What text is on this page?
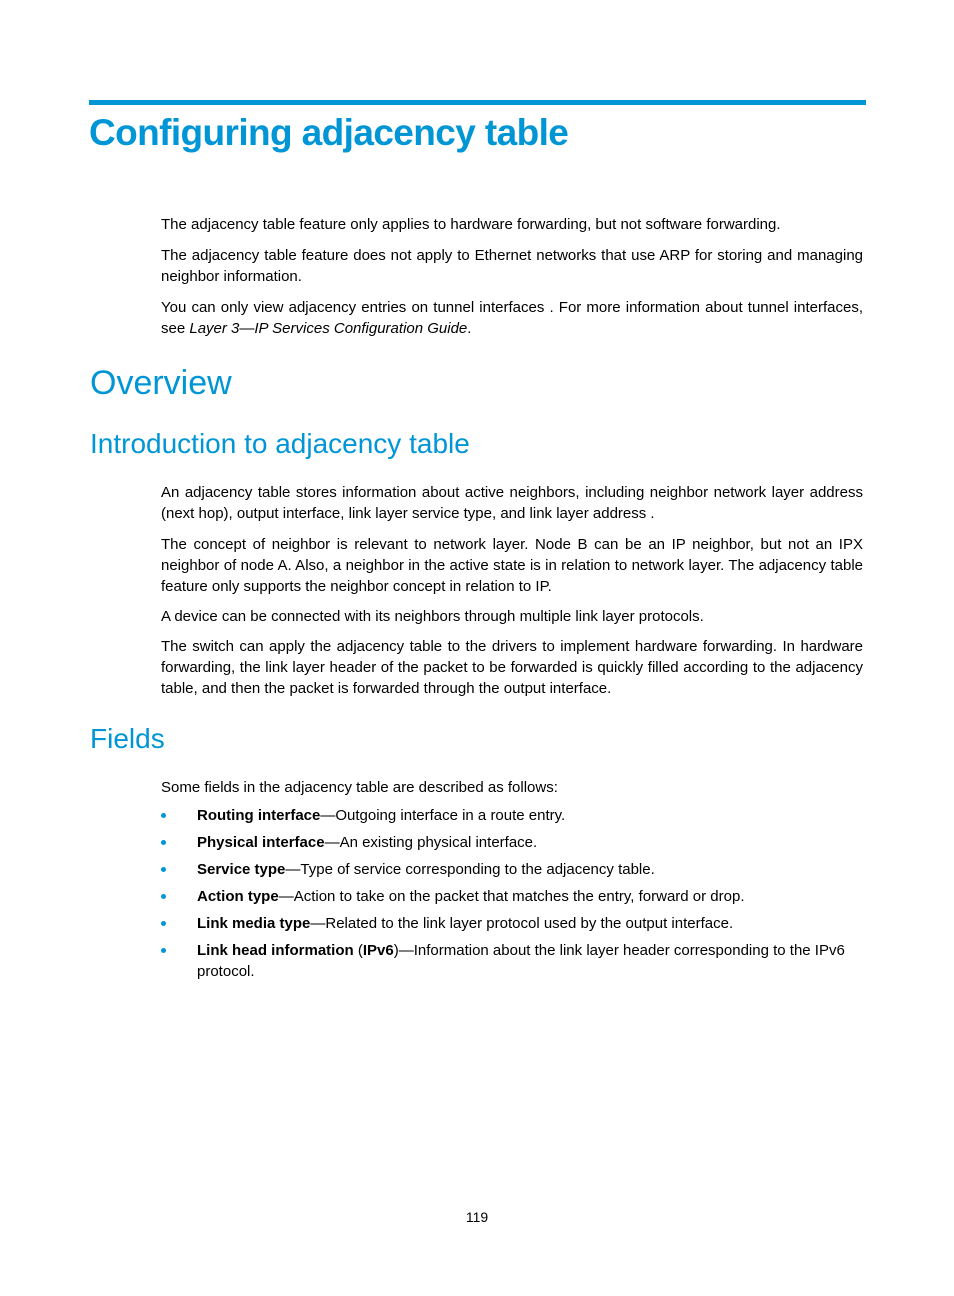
Configuring adjacency table

The adjacency table feature only applies to hardware forwarding, but not software forwarding.

The adjacency table feature does not apply to Ethernet networks that use ARP for storing and managing neighbor information.

You can only view adjacency entries on tunnel interfaces . For more information about tunnel interfaces, see Layer 3—IP Services Configuration Guide.

Overview
Introduction to adjacency table

An adjacency table stores information about active neighbors, including neighbor network layer address (next hop), output interface, link layer service type, and link layer address .

The concept of neighbor is relevant to network layer. Node B can be an IP neighbor, but not an IPX neighbor of node A. Also, a neighbor in the active state is in relation to network layer. The adjacency table feature only supports the neighbor concept in relation to IP.

A device can be connected with its neighbors through multiple link layer protocols.

The switch can apply the adjacency table to the drivers to implement hardware forwarding. In hardware forwarding, the link layer header of the packet to be forwarded is quickly filled according to the adjacency table, and then the packet is forwarded through the output interface.

Fields

Some fields in the adjacency table are described as follows:

Routing interface—Outgoing interface in a route entry.
Physical interface—An existing physical interface.
Service type—Type of service corresponding to the adjacency table.
Action type—Action to take on the packet that matches the entry, forward or drop.
Link media type—Related to the link layer protocol used by the output interface.
Link head information (IPv6)—Information about the link layer header corresponding to the IPv6 protocol.
119
